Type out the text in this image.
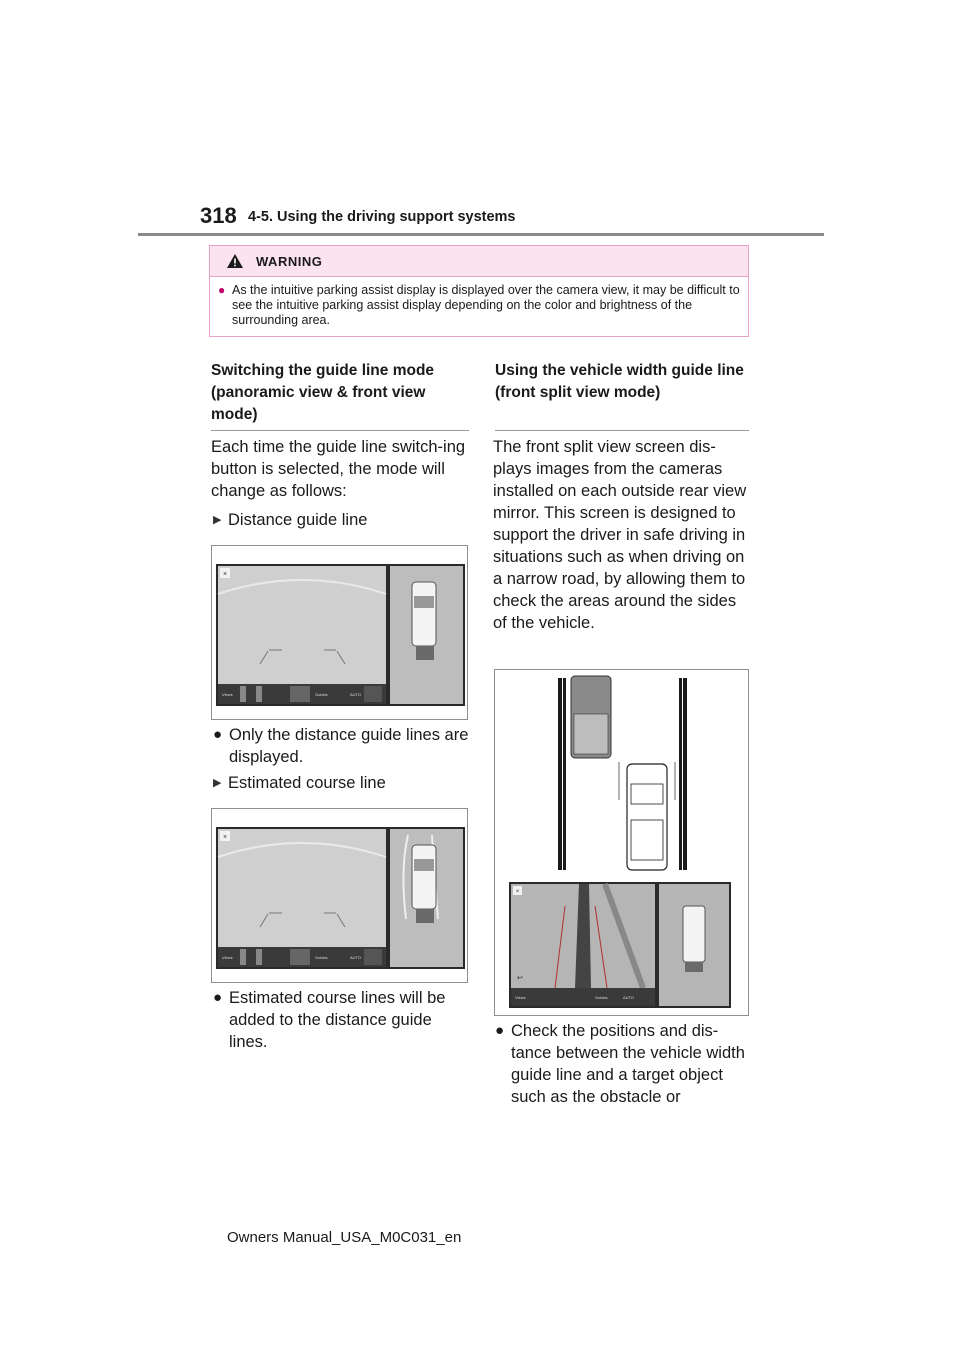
318 4-5. Using the driving support systems
WARNING
● As the intuitive parking assist display is displayed over the camera view, it may be difficult to see the intuitive parking assist display depending on the color and brightness of the surrounding area.
Switching the guide line mode (panoramic view & front view mode)
Each time the guide line switch-ing button is selected, the mode will change as follows:
▶ Distance guide line
×
Views	Guides	AUTO
● Only the distance guide lines are displayed.
▶ Estimated course line
×
Views	Guides	AUTO
● Estimated course lines will be added to the distance guide lines.
Using the vehicle width guide line (front split view mode)
The front split view screen dis-plays images from the cameras installed on each outside rear view mirror. This screen is designed to support the driver in safe driving in situations such as when driving on a narrow road, by allowing them to check the areas around the sides of the vehicle.
×
↩
Views	Guides	AUTO
● Check the positions and dis-tance between the vehicle width guide line and a target object such as the obstacle or
Owners Manual_USA_M0C031_en
